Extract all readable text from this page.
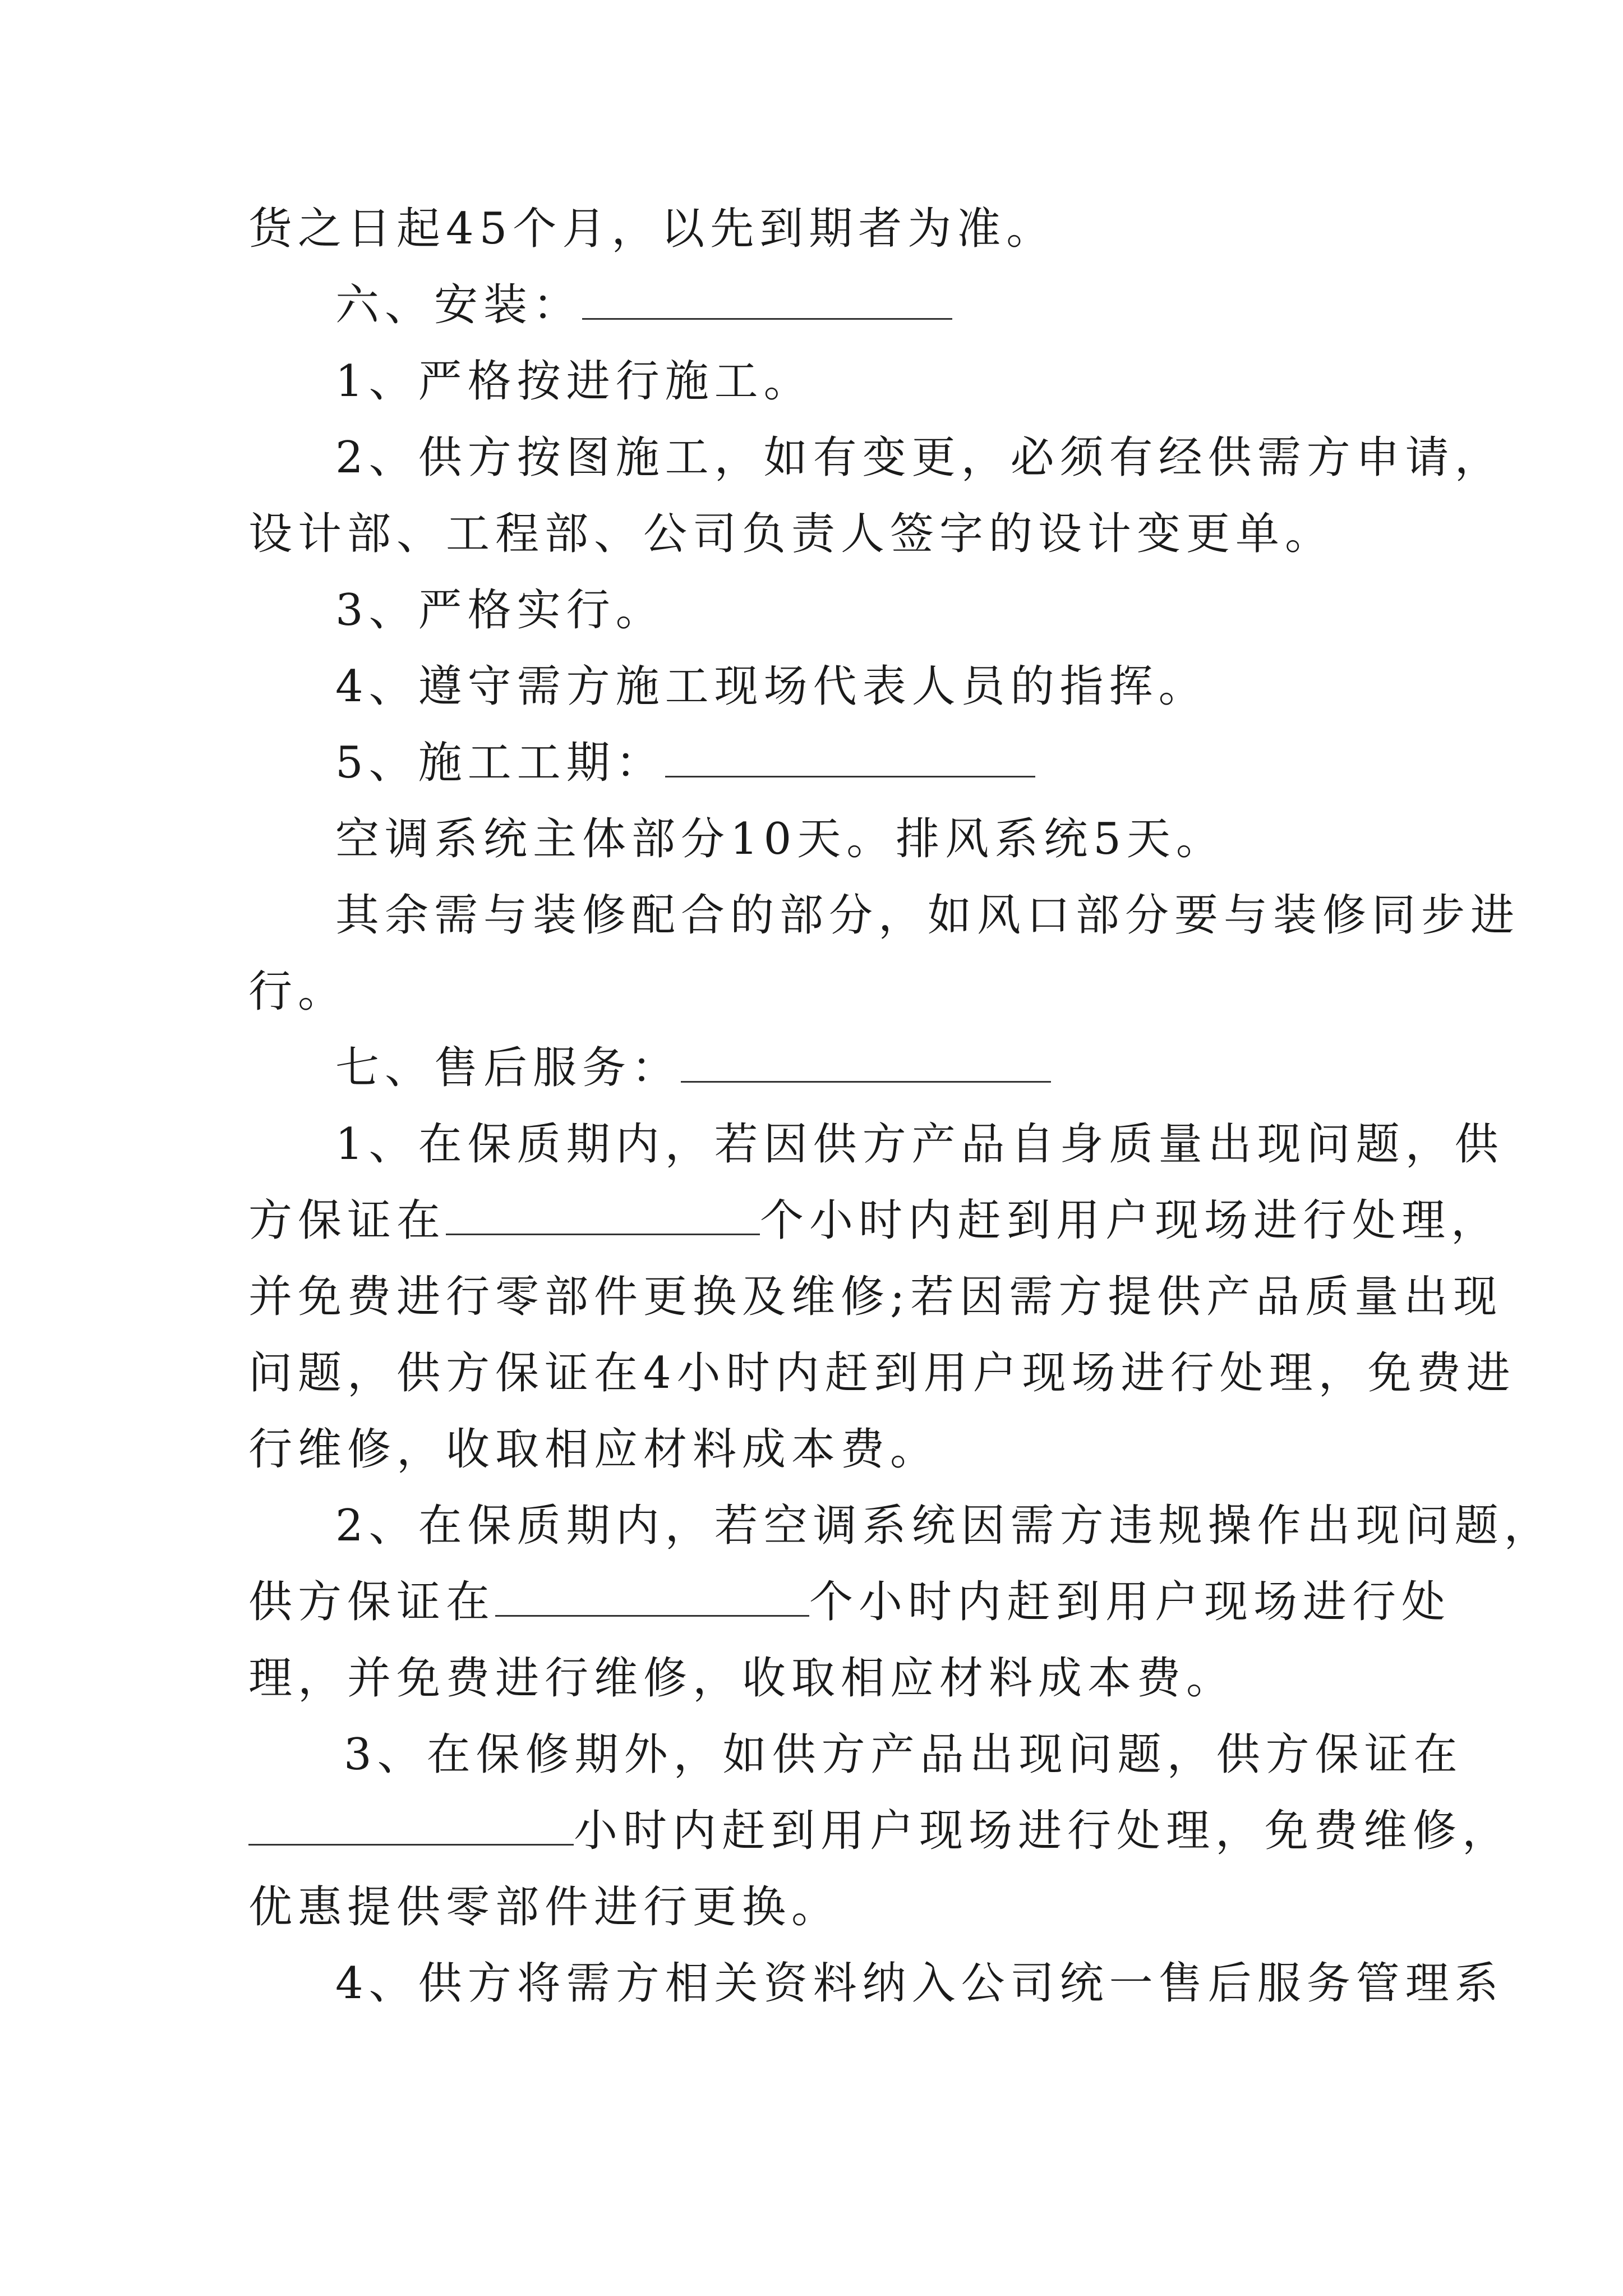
货之日起45个月，以先到期者为准。
六、安装：
1、严格按进行施工。
2、供方按图施工，如有变更，必须有经供需方申请，
设计部、工程部、公司负责人签字的设计变更单。
3、严格实行。
4、遵守需方施工现场代表人员的指挥。
5、施工工期：
空调系统主体部分10天。排风系统5天。
其余需与装修配合的部分，如风口部分要与装修同步进
行。
七、售后服务：
1、在保质期内，若因供方产品自身质量出现问题，供
方保证在	个小时内赶到用户现场进行处理，
并免费进行零部件更换及维修;若因需方提供产品质量出现
问题，供方保证在4小时内赶到用户现场进行处理，免费进
行维修，收取相应材料成本费。
2、在保质期内，若空调系统因需方违规操作出现问题，
供方保证在	个小时内赶到用户现场进行处
理，并免费进行维修，收取相应材料成本费。
3、在保修期外，如供方产品出现问题，供方保证在
小时内赶到用户现场进行处理，免费维修，
优惠提供零部件进行更换。
4、供方将需方相关资料纳入公司统一售后服务管理系
